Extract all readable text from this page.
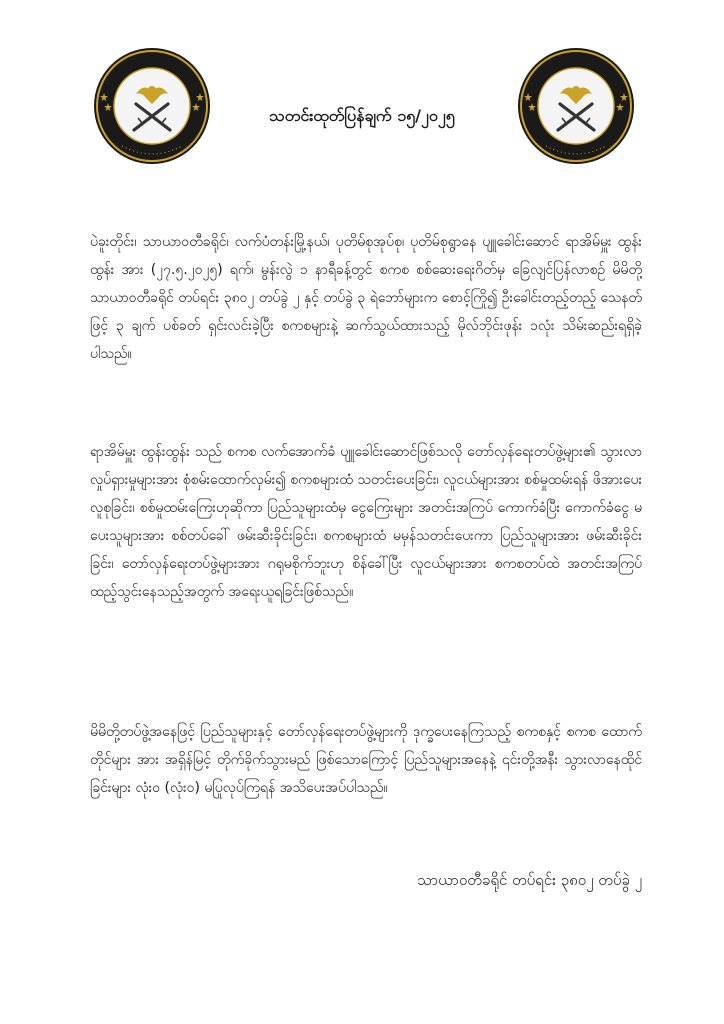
သတင်းထုတ်ပြန်ချက် ၁၅/၂၀၂၅

ပဲခူးတိုင်း၊ သာယာဝတီခရိုင်၊ လက်ပံတန်းမြို့နယ်၊ ပုတိမ်စုအုပ်စု၊ ပုတိမ်စုရွာနေ ပျူခေါင်းဆောင် ရာအိမ်မှူး ထွန်းထွန်း အား (၂၇.၅.၂၀၂၅) ရက်၊ မွန်းလွဲ ၁ နာရီခန့်တွင် စကစ စစ်ဆေးရေးဂိတ်မှ ခြေလျင်ပြန်လာစဉ် မိမိတို့ သာယာဝတီခရိုင် တပ်ရင်း ၃၈၀၂ တပ်ခွဲ ၂ နှင့် တပ်ခွဲ ၃ ရဲဘော်များက စောင့်ကြို၍ ဦးခေါင်းတည့်တည့် သေနတ်ဖြင့် ၃ ချက် ပစ်ခတ် ရှင်းလင်းခဲ့ပြီး စကစများနဲ့ ဆက်သွယ်ထားသည့် မိုလ်ဘိုင်းဖုန်း ၁လုံး သိမ်းဆည်းရရှိခဲ့ပါသည်။

ရာအိမ်မှူး ထွန်းထွန်း သည် စကစ လက်အောက်ခံ ပျူခေါင်းဆောင်ဖြစ်သလို တော်လှန်ရေးတပ်ဖွဲ့များ၏ သွားလာလှုပ်ရှားမှုများအား စုံစမ်းထောက်လှမ်း၍ စကစများထံ သတင်းပေးခြင်း၊ လူငယ်များအား စစ်မှုထမ်းရန် ဖိအားပေးလူစုခြင်း၊ စစ်မှုထမ်းကြေးဟုဆိုကာ ပြည်သူများထံမှ ငွေကြေးများ အတင်းအကြပ် ကောက်ခံပြီး ကောက်ခံငွေ မပေးသူများအား စစ်တပ်ခေါ် ဖမ်းဆီးခိုင်းခြင်း၊ စကစများထံ မမှန်သတင်းပေးကာ ပြည်သူများအား ဖမ်းဆီးခိုင်းခြင်း၊ တော်လှန်ရေးတပ်ဖွဲ့များအား ဂရုမစိုက်ဘူးဟု စိန်ခေါ်ပြီး လူငယ်များအား စကစတပ်ထဲ အတင်းအကြပ် ထည့်သွင်းနေသည့်အတွက် အရေးယူရခြင်းဖြစ်သည်။

မိမိတို့တပ်ဖွဲ့အနေဖြင့် ပြည်သူများနှင့် တော်လှန်ရေးတပ်ဖွဲ့များကို ဒုက္ခပေးနေကြသည့် စကစနှင့် စကစ ထောက်တိုင်များ အား အရှိန်မြင့် တိုက်ခိုက်သွားမည် ဖြစ်သောကြောင့် ပြည်သူများအနေနဲ့ ၎င်းတို့အနီး သွားလာနေထိုင် ခြင်းများ လုံးဝ (လုံးဝ) မပြုလုပ်ကြရန် အသိပေးအပ်ပါသည်။

သာယာဝတီခရိုင် တပ်ရင်း ၃၈၀၂ တပ်ခွဲ ၂
